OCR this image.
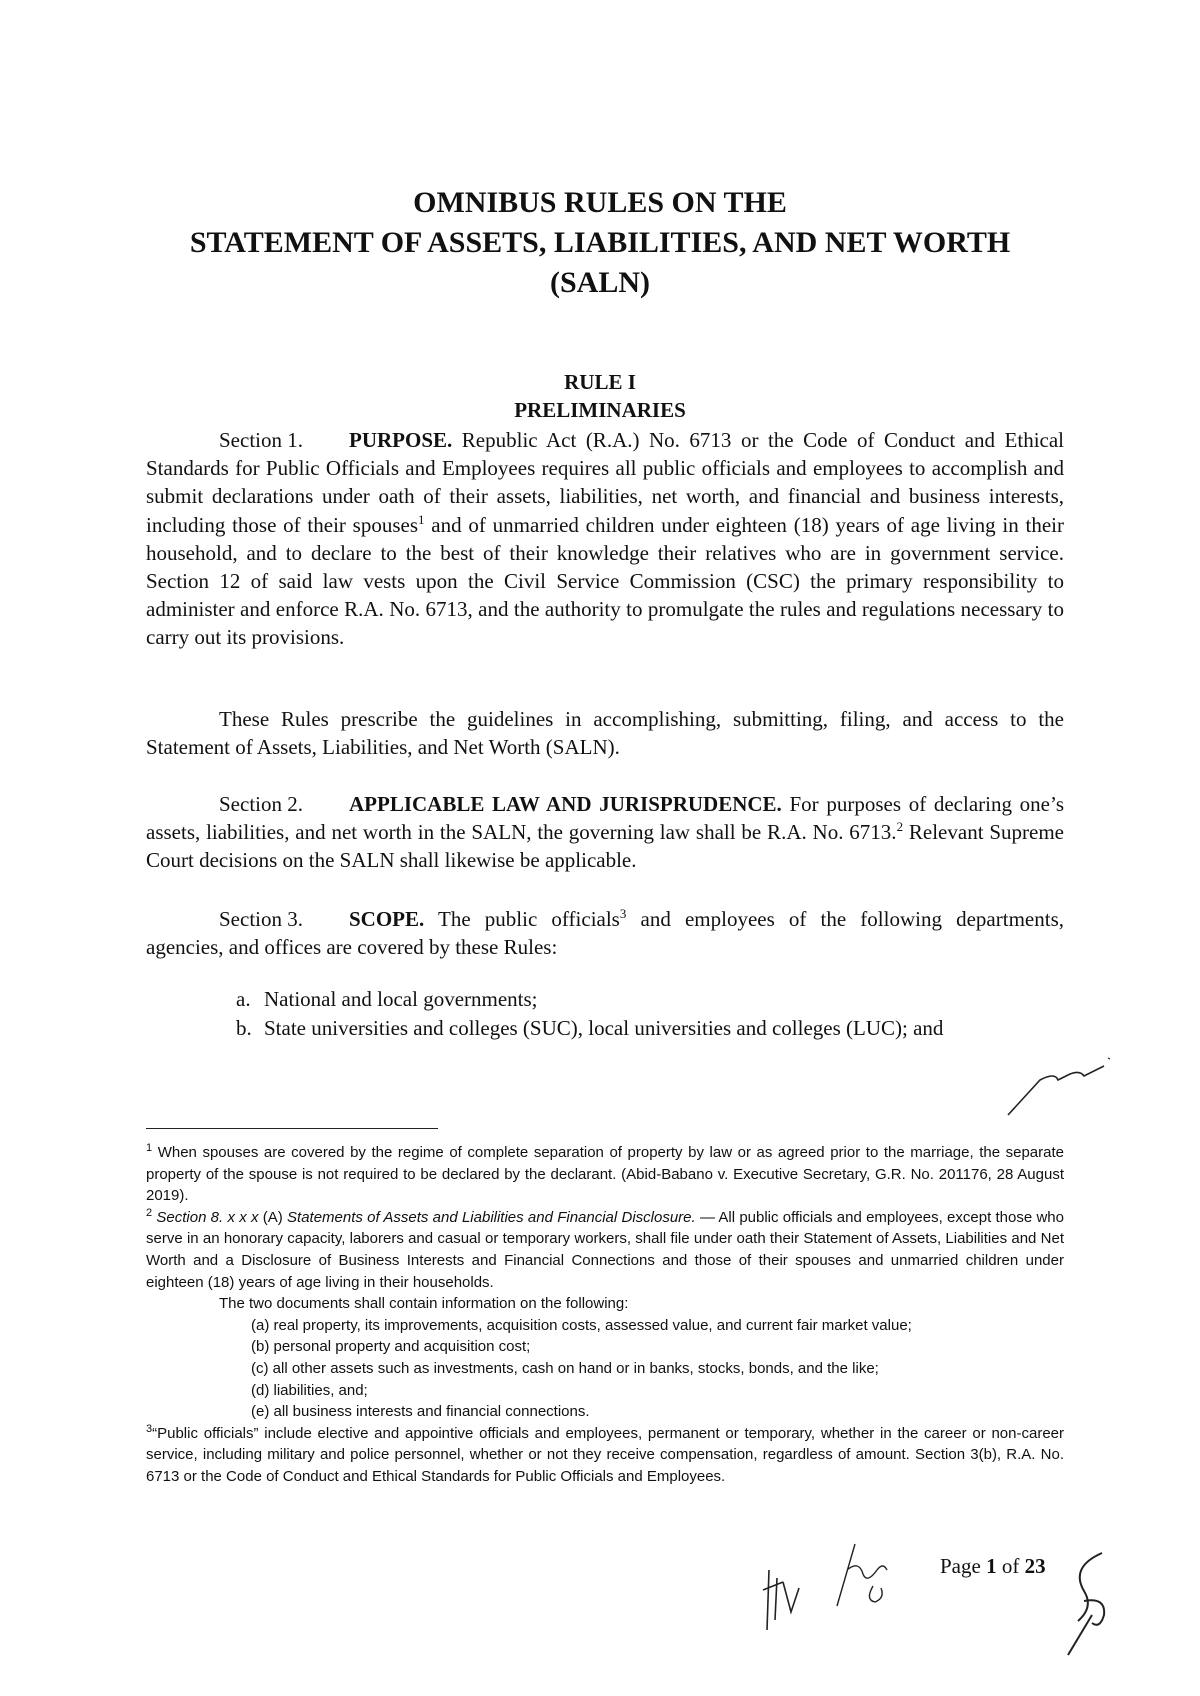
OMNIBUS RULES ON THE
STATEMENT OF ASSETS, LIABILITIES, AND NET WORTH
(SALN)
RULE I
PRELIMINARIES

Section 1. PURPOSE. Republic Act (R.A.) No. 6713 or the Code of Conduct and Ethical Standards for Public Officials and Employees requires all public officials and employees to accomplish and submit declarations under oath of their assets, liabilities, net worth, and financial and business interests, including those of their spouses$^1$ and of unmarried children under eighteen (18) years of age living in their household, and to declare to the best of their knowledge their relatives who are in government service. Section 12 of said law vests upon the Civil Service Commission (CSC) the primary responsibility to administer and enforce R.A. No. 6713, and the authority to promulgate the rules and regulations necessary to carry out its provisions.

These Rules prescribe the guidelines in accomplishing, submitting, filing, and access to the Statement of Assets, Liabilities, and Net Worth (SALN).

Section 2. APPLICABLE LAW AND JURISPRUDENCE. For purposes of declaring one’s assets, liabilities, and net worth in the SALN, the governing law shall be R.A. No. 6713.$^2$ Relevant Supreme Court decisions on the SALN shall likewise be applicable.

Section 3. SCOPE. The public officials$^3$ and employees of the following departments, agencies, and offices are covered by these Rules:

a. National and local governments;
b. State universities and colleges (SUC), local universities and colleges (LUC); and

$^1$ When spouses are covered by the regime of complete separation of property by law or as agreed prior to the marriage, the separate property of the spouse is not required to be declared by the declarant. (Abid-Babano v. Executive Secretary, G.R. No. 201176, 28 August 2019).

$^2$ Section 8. x x x (A) Statements of Assets and Liabilities and Financial Disclosure. — All public officials and employees, except those who serve in an honorary capacity, laborers and casual or temporary workers, shall file under oath their Statement of Assets, Liabilities and Net Worth and a Disclosure of Business Interests and Financial Connections and those of their spouses and unmarried children under eighteen (18) years of age living in their households.

The two documents shall contain information on the following:

(a) real property, its improvements, acquisition costs, assessed value, and current fair market value;

(b) personal property and acquisition cost;

(c) all other assets such as investments, cash on hand or in banks, stocks, bonds, and the like;

(d) liabilities, and;

(e) all business interests and financial connections.

$^3$“Public officials” include elective and appointive officials and employees, permanent or temporary, whether in the career or non-career service, including military and police personnel, whether or not they receive compensation, regardless of amount. Section 3(b), R.A. No. 6713 or the Code of Conduct and Ethical Standards for Public Officials and Employees.

Page 1 of 23
